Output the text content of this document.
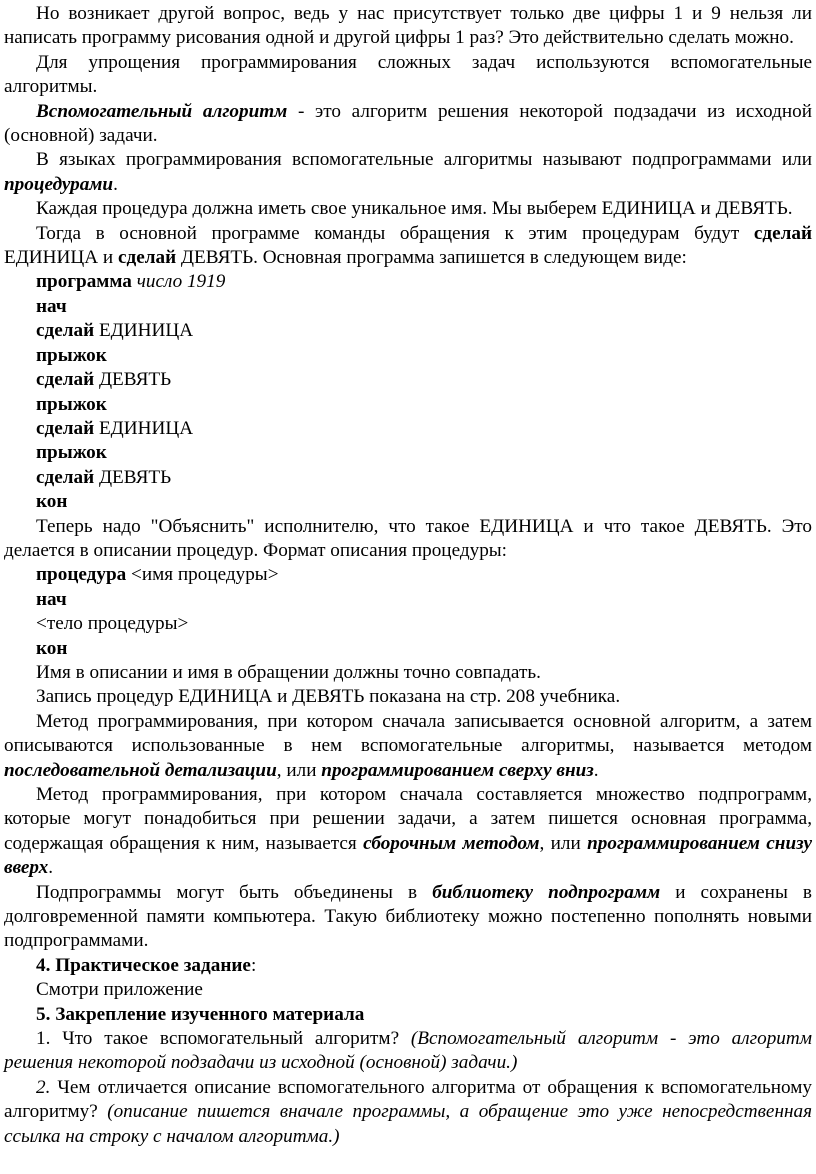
Но возникает другой вопрос, ведь у нас присутствует только две цифры 1 и 9 нельзя ли написать программу рисования одной и другой цифры 1 раз? Это действительно сделать можно.

Для упрощения программирования сложных задач используются вспомогательные алгоритмы.

Вспомогательный алгоритм - это алгоритм решения некоторой подзадачи из исходной (основной) задачи.

В языках программирования вспомогательные алгоритмы называют подпрограммами или процедурами.

Каждая процедура должна иметь свое уникальное имя. Мы выберем ЕДИНИЦА и ДЕВЯТЬ.

Тогда в основной программе команды обращения к этим процедурам будут сделай ЕДИНИЦА и сделай ДЕВЯТЬ. Основная программа запишется в следующем виде:

программа число 1919

нач

сделай ЕДИНИЦА

прыжок

сделай ДЕВЯТЬ

прыжок

сделай ЕДИНИЦА

прыжок

сделай ДЕВЯТЬ

кон

Теперь надо "Объяснить" исполнителю, что такое ЕДИНИЦА и что такое ДЕВЯТЬ. Это делается в описании процедур. Формат описания процедуры:

процедура <имя процедуры>

нач

<тело процедуры>

кон

Имя в описании и имя в обращении должны точно совпадать.

Запись процедур ЕДИНИЦА и ДЕВЯТЬ показана на стр. 208 учебника.

Метод программирования, при котором сначала записывается основной алгоритм, а затем описываются использованные в нем вспомогательные алгоритмы, называется методом последовательной детализации, или программированием сверху вниз.

Метод программирования, при котором сначала составляется множество подпрограмм, которые могут понадобиться при решении задачи, а затем пишется основная программа, содержащая обращения к ним, называется сборочным методом, или программированием снизу вверх.

Подпрограммы могут быть объединены в библиотеку подпрограмм и сохранены в долговременной памяти компьютера. Такую библиотеку можно постепенно пополнять новыми подпрограммами.

4. Практическое задание:

Смотри приложение

5. Закрепление изученного материала

1. Что такое вспомогательный алгоритм? (Вспомогательный алгоритм - это алгоритм решения некоторой подзадачи из исходной (основной) задачи.)

2. Чем отличается описание вспомогательного алгоритма от обращения к вспомогательному алгоритму? (описание пишется вначале программы, а обращение это уже непосредственная ссылка на строку с началом алгоритма.)
